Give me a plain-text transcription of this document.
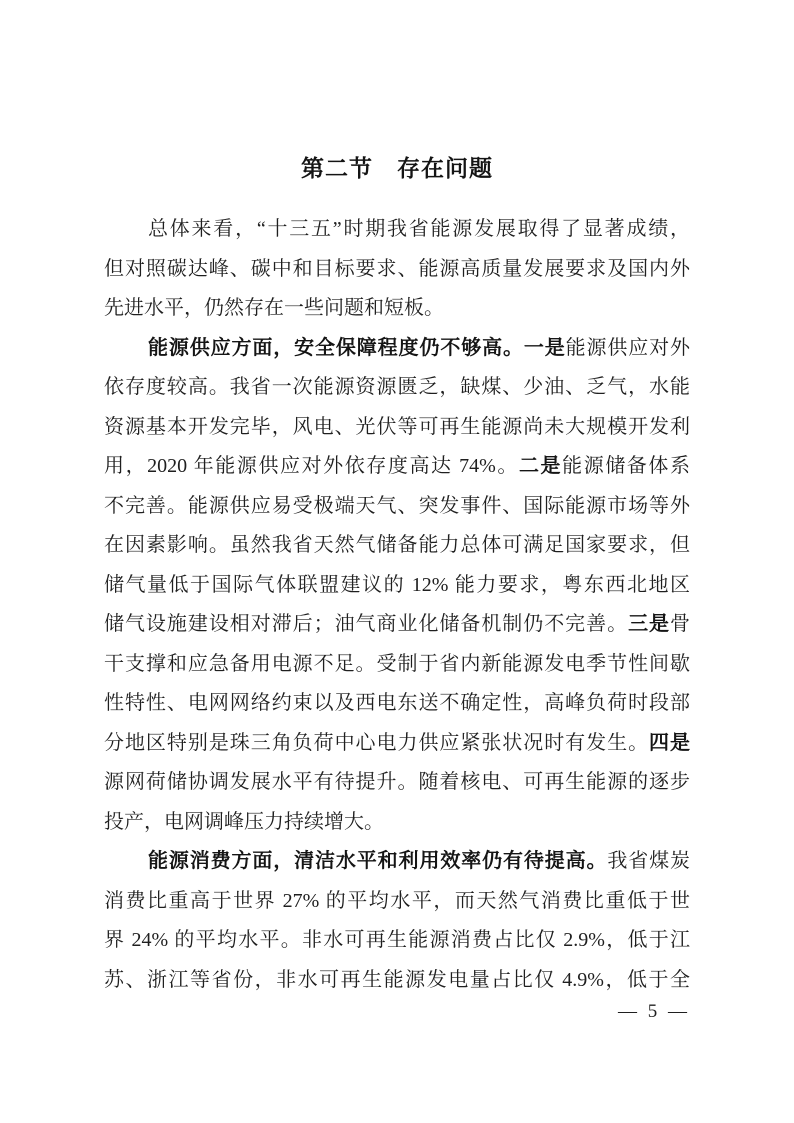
第二节　存在问题
总体来看，“十三五”时期我省能源发展取得了显著成绩，
但对照碳达峰、碳中和目标要求、能源高质量发展要求及国内外
先进水平，仍然存在一些问题和短板。
能源供应方面，安全保障程度仍不够高。一是能源供应对外
依存度较高。我省一次能源资源匮乏，缺煤、少油、乏气，水能
资源基本开发完毕，风电、光伏等可再生能源尚未大规模开发利
用，2020 年能源供应对外依存度高达 74%。二是能源储备体系
不完善。能源供应易受极端天气、突发事件、国际能源市场等外
在因素影响。虽然我省天然气储备能力总体可满足国家要求，但
储气量低于国际气体联盟建议的 12% 能力要求，粤东西北地区
储气设施建设相对滞后；油气商业化储备机制仍不完善。三是骨
干支撑和应急备用电源不足。受制于省内新能源发电季节性间歇
性特性、电网网络约束以及西电东送不确定性，高峰负荷时段部
分地区特别是珠三角负荷中心电力供应紧张状况时有发生。四是
源网荷储协调发展水平有待提升。随着核电、可再生能源的逐步
投产，电网调峰压力持续增大。
能源消费方面，清洁水平和利用效率仍有待提高。我省煤炭
消费比重高于世界 27% 的平均水平，而天然气消费比重低于世
界 24% 的平均水平。非水可再生能源消费占比仅 2.9%，低于江
苏、浙江等省份，非水可再生能源发电量占比仅 4.9%，低于全
— 5 —
